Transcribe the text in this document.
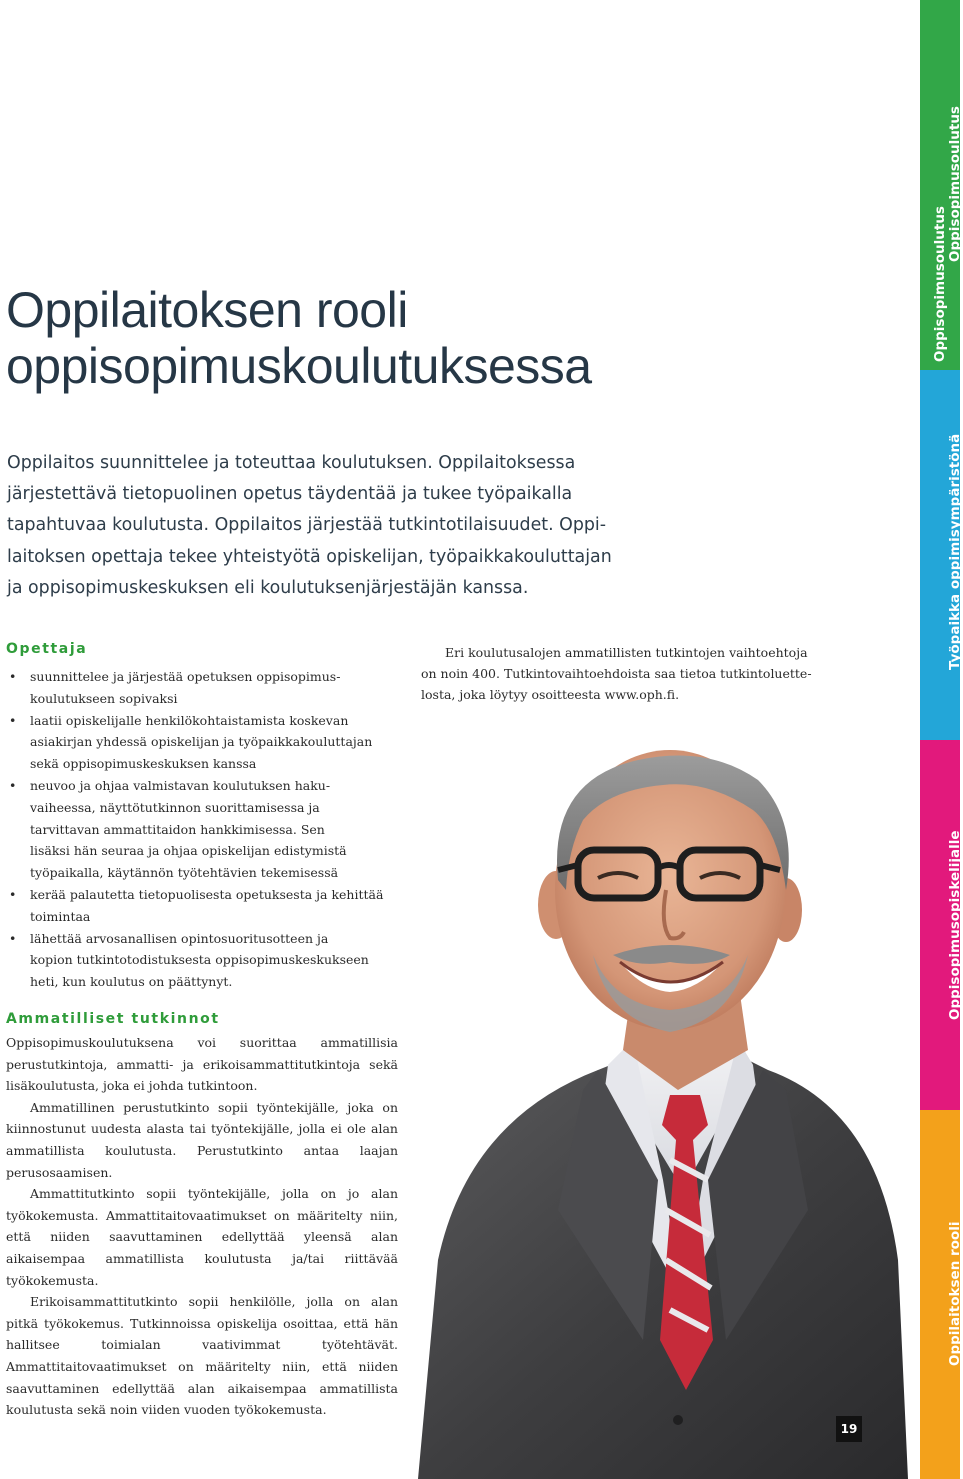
Oppisopimusoulutus
Oppisopimusoulutus
Työpaikka oppimisympäristönä
Oppisopimusopiskelijalle
Oppilaitoksen rooli
Oppilaitoksen rooli
oppisopimuskoulutuksessa
Oppilaitos suunnittelee ja toteuttaa koulutuksen. Oppilaitoksessa
järjestettävä tietopuolinen opetus täydentää ja tukee työpaikalla
tapahtuvaa koulutusta. Oppilaitos järjestää tutkintotilaisuudet. Oppi-
laitoksen opettaja tekee yhteistyötä opiskelijan, työpaikkakouluttajan
ja oppisopimuskeskuksen eli koulutuksenjärjestäjän kanssa.
Opettaja
• suunnittelee ja järjestää opetuksen oppisopimus-
koulutukseen sopivaksi
• laatii opiskelijalle henkilökohtaistamista koskevan
asiakirjan yhdessä opiskelijan ja työpaikkakouluttajan
sekä oppisopimuskeskuksen kanssa
• neuvoo ja ohjaa valmistavan koulutuksen haku-
vaiheessa, näyttötutkinnon suorittamisessa ja
tarvittavan ammattitaidon hankkimisessa. Sen
lisäksi hän seuraa ja ohjaa opiskelijan edistymistä
työpaikalla, käytännön työtehtävien tekemisessä
• kerää palautetta tietopuolisesta opetuksesta ja kehittää
toimintaa
• lähettää arvosanallisen opintosuoritusotteen ja
kopion tutkintotodistuksesta oppisopimuskeskukseen
heti, kun koulutus on päättynyt.
Ammatilliset tutkinnot

Oppisopimuskoulutuksena voi suorittaa ammatillisia perustutkintoja, ammatti- ja erikoisammattitutkintoja sekä lisäkoulutusta, joka ei johda tutkintoon.

Ammatillinen perustutkinto sopii työntekijälle, joka on kiinnostunut uudesta alasta tai työntekijälle, jolla ei ole alan ammatillista koulutusta. Perustutkinto antaa laajan perusosaamisen.

Ammattitutkinto sopii työntekijälle, jolla on jo alan työkokemusta. Ammattitaitovaatimukset on määritelty niin, että niiden saavuttaminen edellyttää yleensä alan aikaisempaa ammatillista koulutusta ja/tai riittävää työkokemusta.

Erikoisammattitutkinto sopii henkilölle, jolla on alan pitkä työkokemus. Tutkinnoissa opiskelija osoittaa, että hän hallitsee toimialan vaativimmat työtehtävät. Ammattitaitovaatimukset on määritelty niin, että niiden saavuttaminen edellyttää alan aikaisempaa ammatillista koulutusta sekä noin viiden vuoden työkokemusta.

Eri koulutusalojen ammatillisten tutkintojen vaihtoehtoja
on noin 400. Tutkintovaihtoehdoista saa tietoa tutkintoluette-
losta, joka löytyy osoitteesta www.oph.fi.
19
